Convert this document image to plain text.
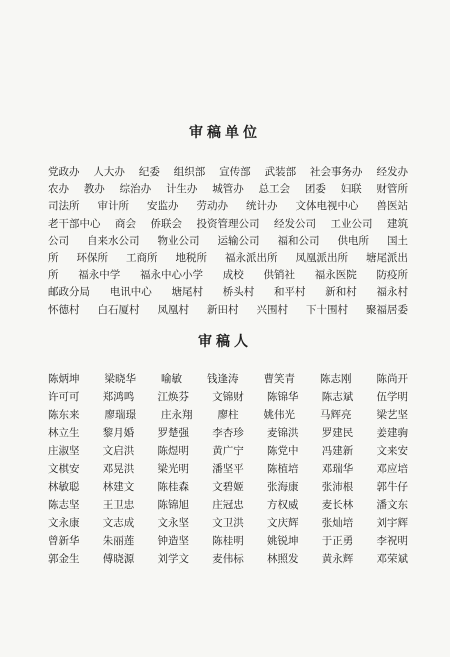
审稿单位
党政办 人大办 纪委 组织部 宣传部 武装部 社会事务办 经发办
农办 教办 综治办 计生办 城管办 总工会 团委 妇联 财管所
司法所 审计所 安监办 劳动办 统计办 文体电视中心 兽医站
老干部中心 商会 侨联会 投资管理公司 经发公司 工业公司 建筑
公司 自来水公司 物业公司 运输公司 福和公司 供电所 国土
所 环保所 工商所 地税所 福永派出所 凤凰派出所 塘尾派出
所 福永中学 福永中心小学 成校 供销社 福永医院 防疫所
邮政分局 电讯中心 塘尾村 桥头村 和平村 新和村 福永村
怀德村 白石厦村 凤凰村 新田村 兴围村 下十围村 聚福居委
审稿人
陈炳坤 梁晓华 喻敏 钱逢涛 曹笑青 陈志刚 陈尚开
许可可 郑鸿鸣 江焕芬 文锦财 陈锦华 陈志斌 伍学明
陈东来 廖瑞璟 庄永翔 廖柱 姚伟光 马辉亮 梁艺坚
林立生 黎月婚 罗楚强 李杏珍 麦锦洪 罗建民 姜建驹
庄淑坚 文启洪 陈煜明 黄广宁 陈党中 冯建新 文来安
文棋安 邓晃洪 梁光明 潘坚平 陈植培 邓瑞华 邓应培
林敏聪 林建文 陈桂森 文碧姬 张海康 张沛根 郭牛仔
陈志坚 王卫忠 陈锦旭 庄冠忠 方权威 麦长林 潘文东
文永康 文志成 文永坚 文卫洪 文庆辉 张灿培 刘宇辉
曾新华 朱丽莲 钟造坚 陈桂明 姚锐坤 于正勇 李祝明
郭金生 傅晓源 刘学文 麦伟标 林照发 黄永辉 邓荣斌
